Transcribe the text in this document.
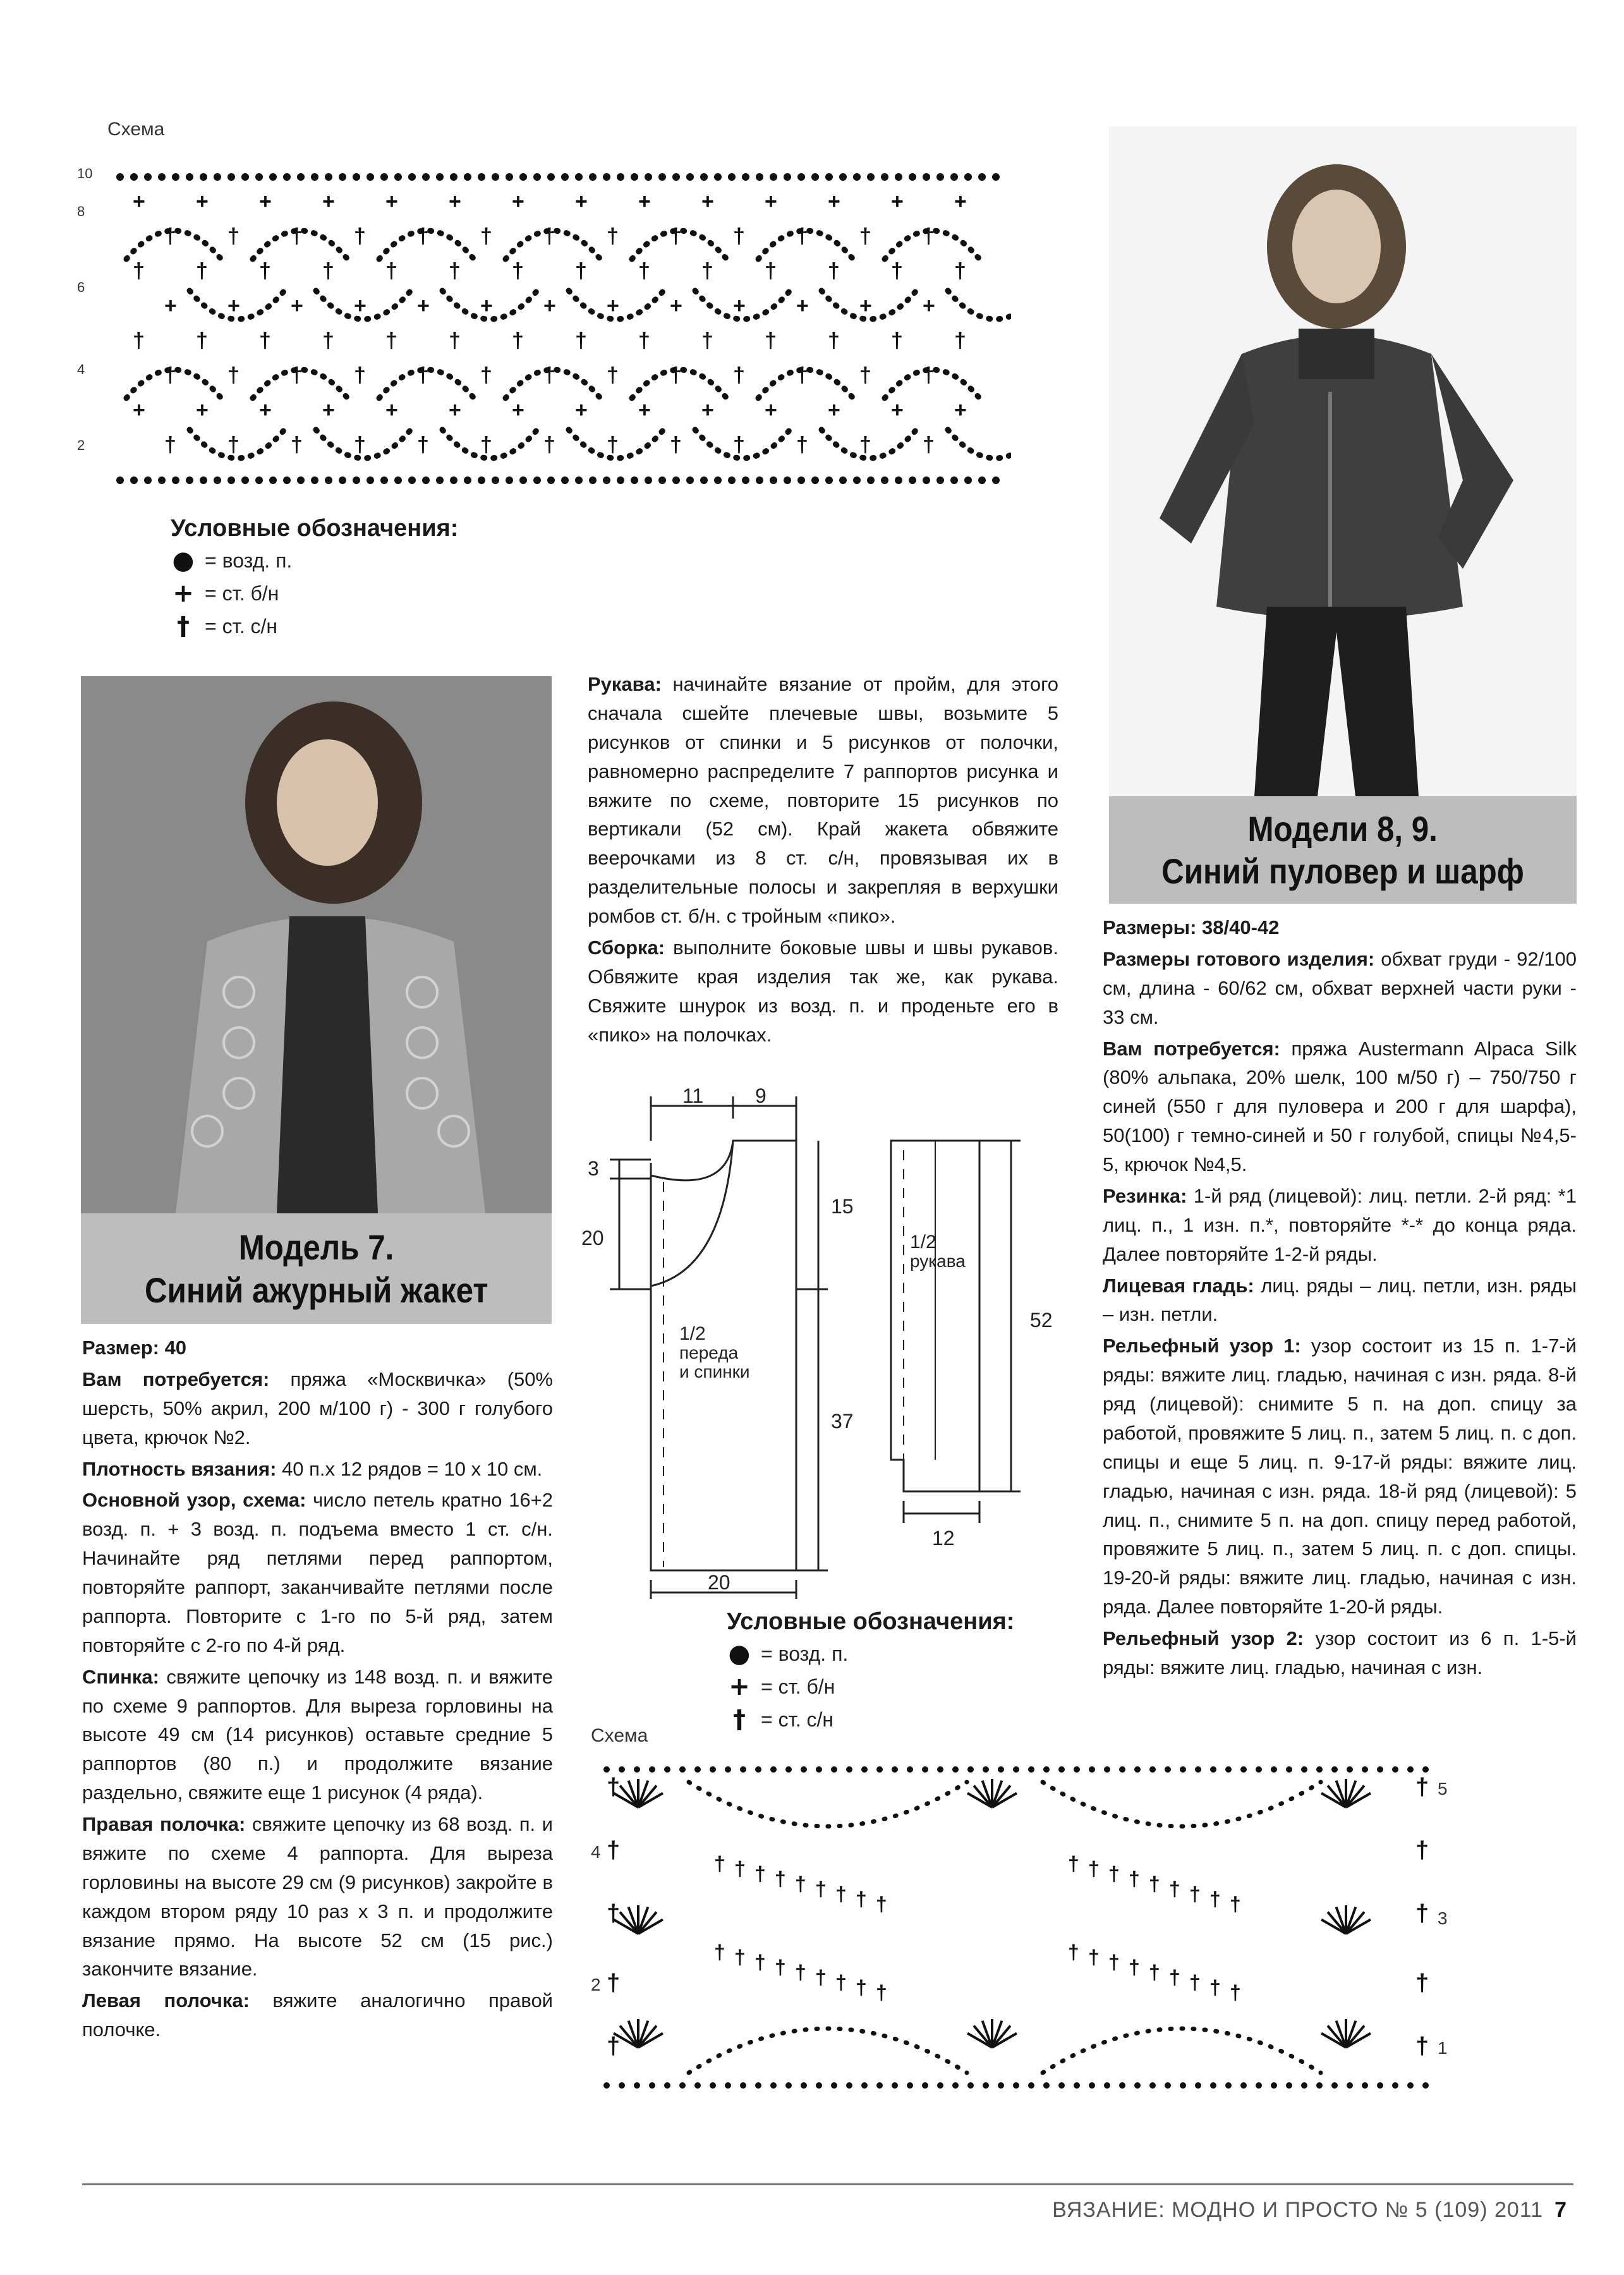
Схема
10
8
6
4
2
+ + + + + + + + + + + + + +
† † † † † † † † † † † † †
† † † † † † † † † † † † † †
+ + + + + + + + + + + + +
† † † † † † † † † † † † † †
† † † † † † † † † † † † †
+ + + + + + + + + + + + + +
† † † † † † † † † † † † †
Условные обозначения:
● = возд. п.
+ = ст. б/н
† = ст. с/н
Модели 8, 9.
Синий пуловер и шарф
Модель 7.
Синий ажурный жакет

Размер: 40

Вам потребуется: пряжа «Москвичка» (50% шерсть, 50% акрил, 200 м/100 г) - 300 г голубого цвета, крючок №2.

Плотность вязания: 40 п.х 12 рядов = 10 х 10 см.

Основной узор, схема: число петель кратно 16+2 возд. п. + 3 возд. п. подъема вместо 1 ст. с/н. Начинайте ряд петлями перед раппортом, повторяйте раппорт, заканчивайте петлями после раппорта. Повторите с 1-го по 5-й ряд, затем повторяйте с 2-го по 4-й ряд.

Спинка: свяжите цепочку из 148 возд. п. и вяжите по схеме 9 раппортов. Для выреза горловины на высоте 49 см (14 рисунков) оставьте средние 5 раппортов (80 п.) и продолжите вязание раздельно, свяжите еще 1 рисунок (4 ряда).

Правая полочка: свяжите цепочку из 68 возд. п. и вяжите по схеме 4 раппорта. Для выреза горловины на высоте 29 см (9 рисунков) закройте в каждом втором ряду 10 раз х 3 п. и продолжите вязание прямо. На высоте 52 см (15 рис.) закончите вязание.

Левая полочка: вяжите аналогично правой полочке.

Рукава: начинайте вязание от пройм, для этого сначала сшейте плечевые швы, возьмите 5 рисунков от спинки и 5 рисунков от полочки, равномерно распределите 7 раппортов рисунка и вяжите по схеме, повторите 15 рисунков по вертикали (52 см). Край жакета обвяжите веерочками из 8 ст. с/н, провязывая их в разделительные полосы и закрепляя в верхушки ромбов ст. б/н. с тройным «пико».

Сборка: выполните боковые швы и швы рукавов. Обвяжите края изделия так же, как рукава. Свяжите шнурок из возд. п. и проденьте его в «пико» на полочках.

11	9
3
20
15
37
20
1/2
переда
и спинки
1/2
рукава
52
12
Условные обозначения:
● = возд. п.
+ = ст. б/н
† = ст. с/н
Схема
4
2
5
3
1
† † † † † † † † †
† † † † † † † † †
† † † † † † † † †
† † † † † † † † †
†
†
†
†
†
†
†
†
†
†

Размеры: 38/40-42

Размеры готового изделия: обхват груди - 92/100 см, длина - 60/62 см, обхват верхней части руки - 33 см.

Вам потребуется: пряжа Austermann Alpaca Silk (80% альпака, 20% шелк, 100 м/50 г) – 750/750 г синей (550 г для пуловера и 200 г для шарфа), 50(100) г темно-синей и 50 г голубой, спицы №4,5-5, крючок №4,5.

Резинка: 1-й ряд (лицевой): лиц. петли. 2-й ряд: *1 лиц. п., 1 изн. п.*, повторяйте *-* до конца ряда. Далее повторяйте 1-2-й ряды.

Лицевая гладь: лиц. ряды – лиц. петли, изн. ряды – изн. петли.

Рельефный узор 1: узор состоит из 15 п. 1-7-й ряды: вяжите лиц. гладью, начиная с изн. ряда. 8-й ряд (лицевой): снимите 5 п. на доп. спицу за работой, провяжите 5 лиц. п., затем 5 лиц. п. с доп. спицы и еще 5 лиц. п. 9-17-й ряды: вяжите лиц. гладью, начиная с изн. ряда. 18-й ряд (лицевой): 5 лиц. п., снимите 5 п. на доп. спицу перед работой, провяжите 5 лиц. п., затем 5 лиц. п. с доп. спицы. 19-20-й ряды: вяжите лиц. гладью, начиная с изн. ряда. Далее повторяйте 1-20-й ряды.

Рельефный узор 2: узор состоит из 6 п. 1-5-й ряды: вяжите лиц. гладью, начиная с изн.

ВЯЗАНИЕ: МОДНО И ПРОСТО № 5 (109) 2011 7
